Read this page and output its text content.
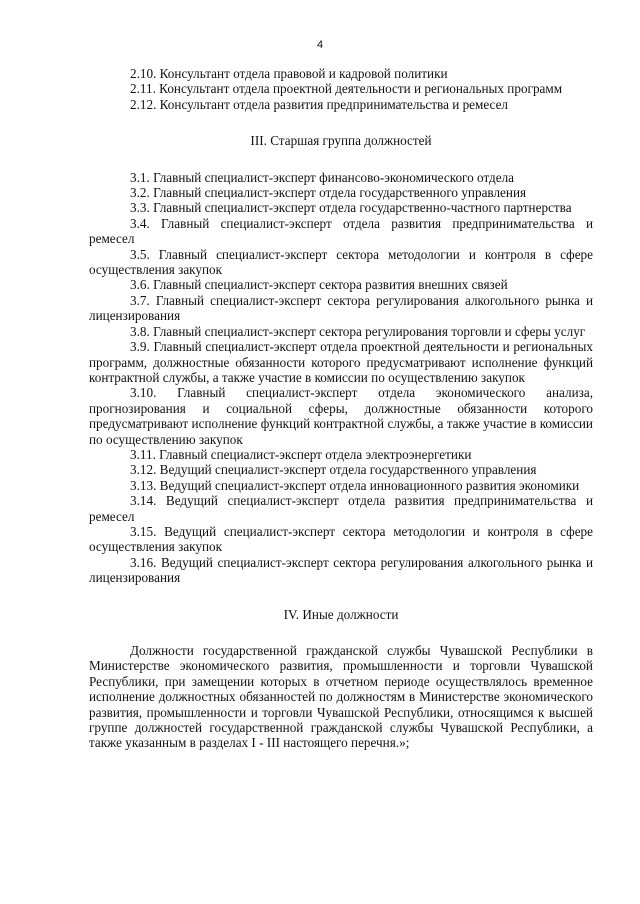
4

2.10. Консультант отдела правовой и кадровой политики

2.11. Консультант отдела проектной деятельности и региональных программ

2.12. Консультант отдела развития предпринимательства и ремесел

III. Старшая группа должностей

3.1. Главный специалист-эксперт финансово-экономического отдела

3.2. Главный специалист-эксперт отдела государственного управления

3.3. Главный специалист-эксперт отдела государственно-частного партнерства

3.4. Главный специалист-эксперт отдела развития предпринимательства и ремесел

3.5. Главный специалист-эксперт сектора методологии и контроля в сфере осуществления закупок

3.6. Главный специалист-эксперт сектора развития внешних связей

3.7. Главный специалист-эксперт сектора регулирования алкогольного рынка и лицензирования

3.8. Главный специалист-эксперт сектора регулирования торговли и сферы услуг

3.9. Главный специалист-эксперт отдела проектной деятельности и региональных программ, должностные обязанности которого предусматривают исполнение функций контрактной службы, а также участие в комиссии по осуществлению закупок

3.10. Главный специалист-эксперт отдела экономического анализа, прогнозирования и социальной сферы, должностные обязанности которого предусматривают исполнение функций контрактной службы, а также участие в комиссии по осуществлению закупок

3.11. Главный специалист-эксперт отдела электроэнергетики

3.12. Ведущий специалист-эксперт отдела государственного управления

3.13. Ведущий специалист-эксперт отдела инновационного развития экономики

3.14. Ведущий специалист-эксперт отдела развития предпринимательства и ремесел

3.15. Ведущий специалист-эксперт сектора методологии и контроля в сфере осуществления закупок

3.16. Ведущий специалист-эксперт сектора регулирования алкогольного рынка и лицензирования

IV. Иные должности

Должности государственной гражданской службы Чувашской Республики в Министерстве экономического развития, промышленности и торговли Чувашской Республики, при замещении которых в отчетном периоде осуществлялось временное исполнение должностных обязанностей по должностям в Министерстве экономического развития, промышленности и торговли Чувашской Республики, относящимся к высшей группе должностей государственной гражданской службы Чувашской Республики, а также указанным в разделах I - III настоящего перечня.»;
